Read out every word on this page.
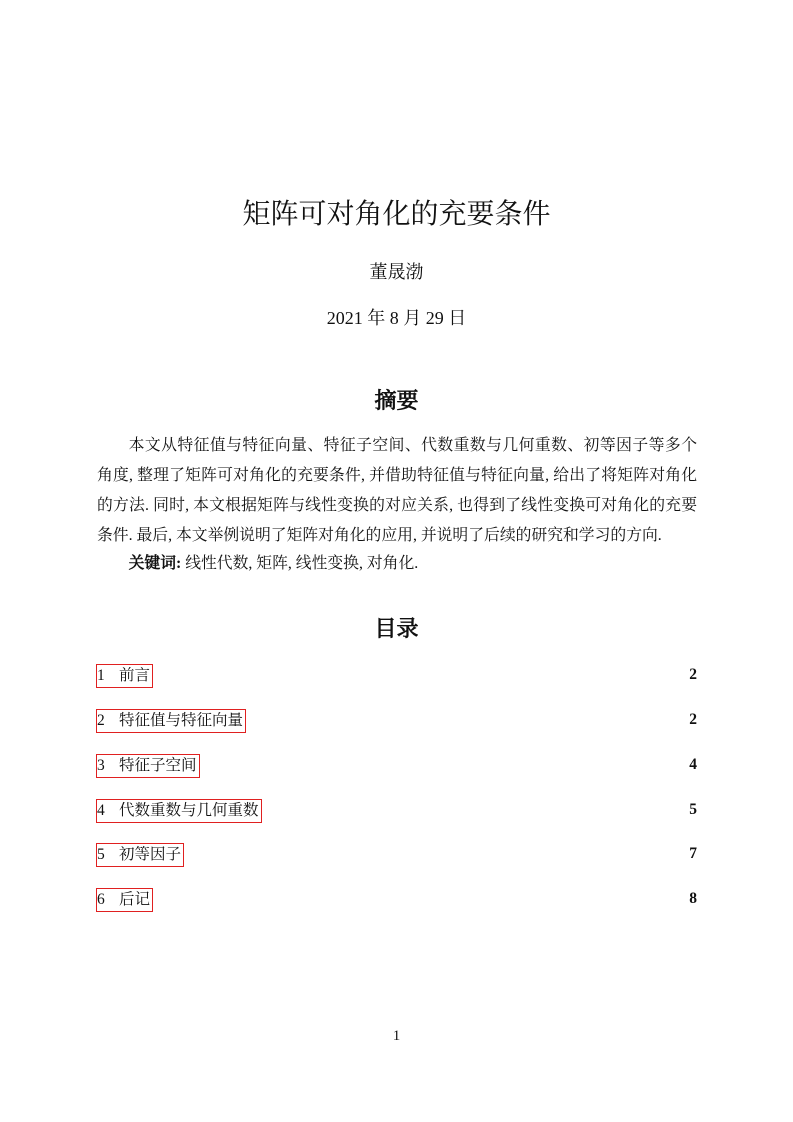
矩阵可对角化的充要条件
董晟渤
2021 年 8 月 29 日
摘要

本文从特征值与特征向量、特征子空间、代数重数与几何重数、初等因子等多个角度, 整理了矩阵可对角化的充要条件, 并借助特征值与特征向量, 给出了将矩阵对角化的方法. 同时, 本文根据矩阵与线性变换的对应关系, 也得到了线性变换可对角化的充要条件. 最后, 本文举例说明了矩阵对角化的应用, 并说明了后续的研究和学习的方向.

关键词: 线性代数, 矩阵, 线性变换, 对角化.

目录
1 前言	2
2 特征值与特征向量	2
3 特征子空间	4
4 代数重数与几何重数	5
5 初等因子	7
6 后记	8
1
